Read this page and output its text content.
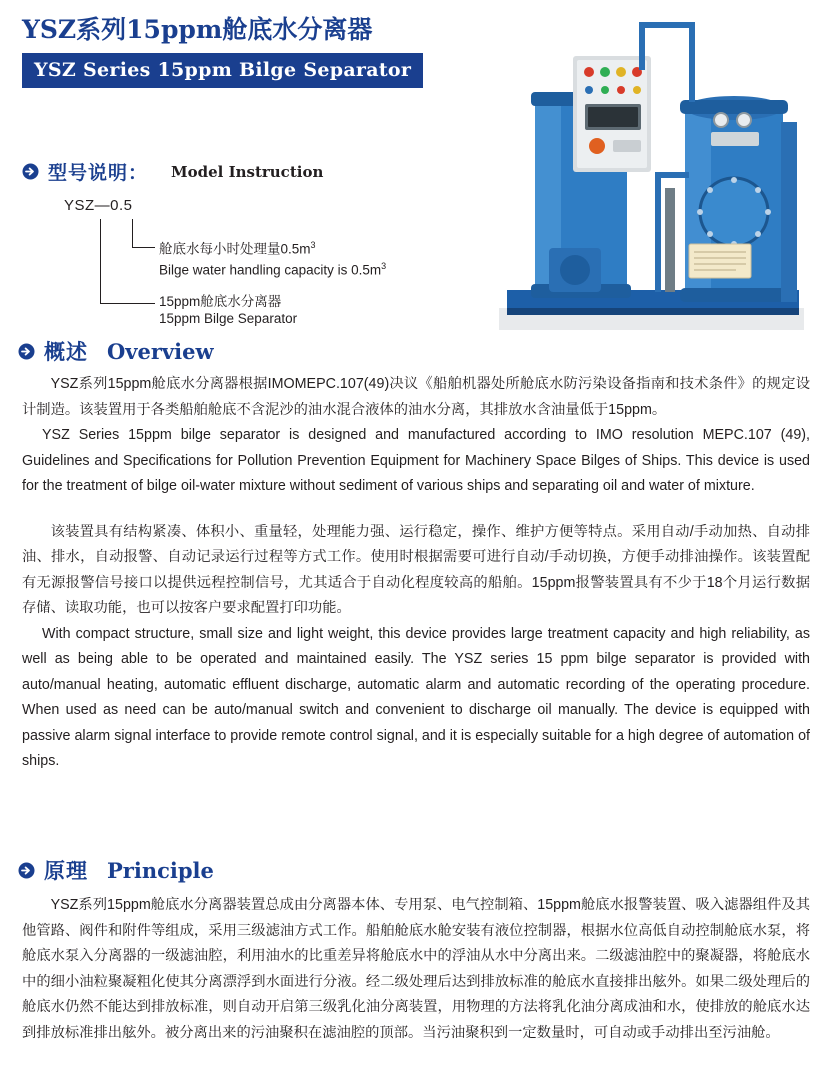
YSZ系列15ppm舱底水分离器
YSZ Series 15ppm Bilge Separator
型号说明： Model Instruction
YSZ—0.5
舱底水每小时处理量$0.5m^3$
Bilge water handling capacity is $0.5m^3$
15ppm舱底水分离器
15ppm Bilge Separator
概述 Overview

YSZ系列15ppm舱底水分离器根据IMOMEPC.107(49)决议《船舶机器处所舱底水防污染设备指南和技术条件》的规定设计制造。该装置用于各类船舶舱底不含泥沙的油水混合液体的油水分离，其排放水含油量低于15ppm。

YSZ Series 15ppm bilge separator is designed and manufactured according to IMO resolution MEPC.107 (49), Guidelines and Specifications for Pollution Prevention Equipment for Machinery Space Bilges of Ships. This device is used for the treatment of bilge oil-water mixture without sediment of various ships and separating oil and water of mixture.

该装置具有结构紧凑、体积小、重量轻，处理能力强、运行稳定，操作、维护方便等特点。采用自动/手动加热、自动排油、排水，自动报警、自动记录运行过程等方式工作。使用时根据需要可进行自动/手动切换，方便手动排油操作。该装置配有无源报警信号接口以提供远程控制信号，尤其适合于自动化程度较高的船舶。15ppm报警装置具有不少于18个月运行数据存储、读取功能，也可以按客户要求配置打印功能。

With compact structure, small size and light weight, this device provides large treatment capacity and high reliability, as well as being able to be operated and maintained easily. The YSZ series 15 ppm bilge separator is provided with auto/manual heating, automatic effluent discharge, automatic alarm and automatic recording of the operating procedure. When used as need can be auto/manual switch and convenient to discharge oil manually. The device is equipped with passive alarm signal interface to provide remote control signal, and it is especially suitable for a high degree of automation of ships.

原理 Principle

YSZ系列15ppm舱底水分离器装置总成由分离器本体、专用泵、电气控制箱、15ppm舱底水报警装置、吸入滤器组件及其他管路、阀件和附件等组成，采用三级滤油方式工作。船舶舱底水舱安装有液位控制器，根据水位高低自动控制舱底水泵，将舱底水泵入分离器的一级滤油腔，利用油水的比重差异将舱底水中的浮油从水中分离出来。二级滤油腔中的聚凝器，将舱底水中的细小油粒聚凝粗化使其分离漂浮到水面进行分液。经二级处理后达到排放标准的舱底水直接排出舷外。如果二级处理后的舱底水仍然不能达到排放标准，则自动开启第三级乳化油分离装置，用物理的方法将乳化油分离成油和水，使排放的舱底水达到排放标准排出舷外。被分离出来的污油聚积在滤油腔的顶部。当污油聚积到一定数量时，可自动或手动排出至污油舱。
